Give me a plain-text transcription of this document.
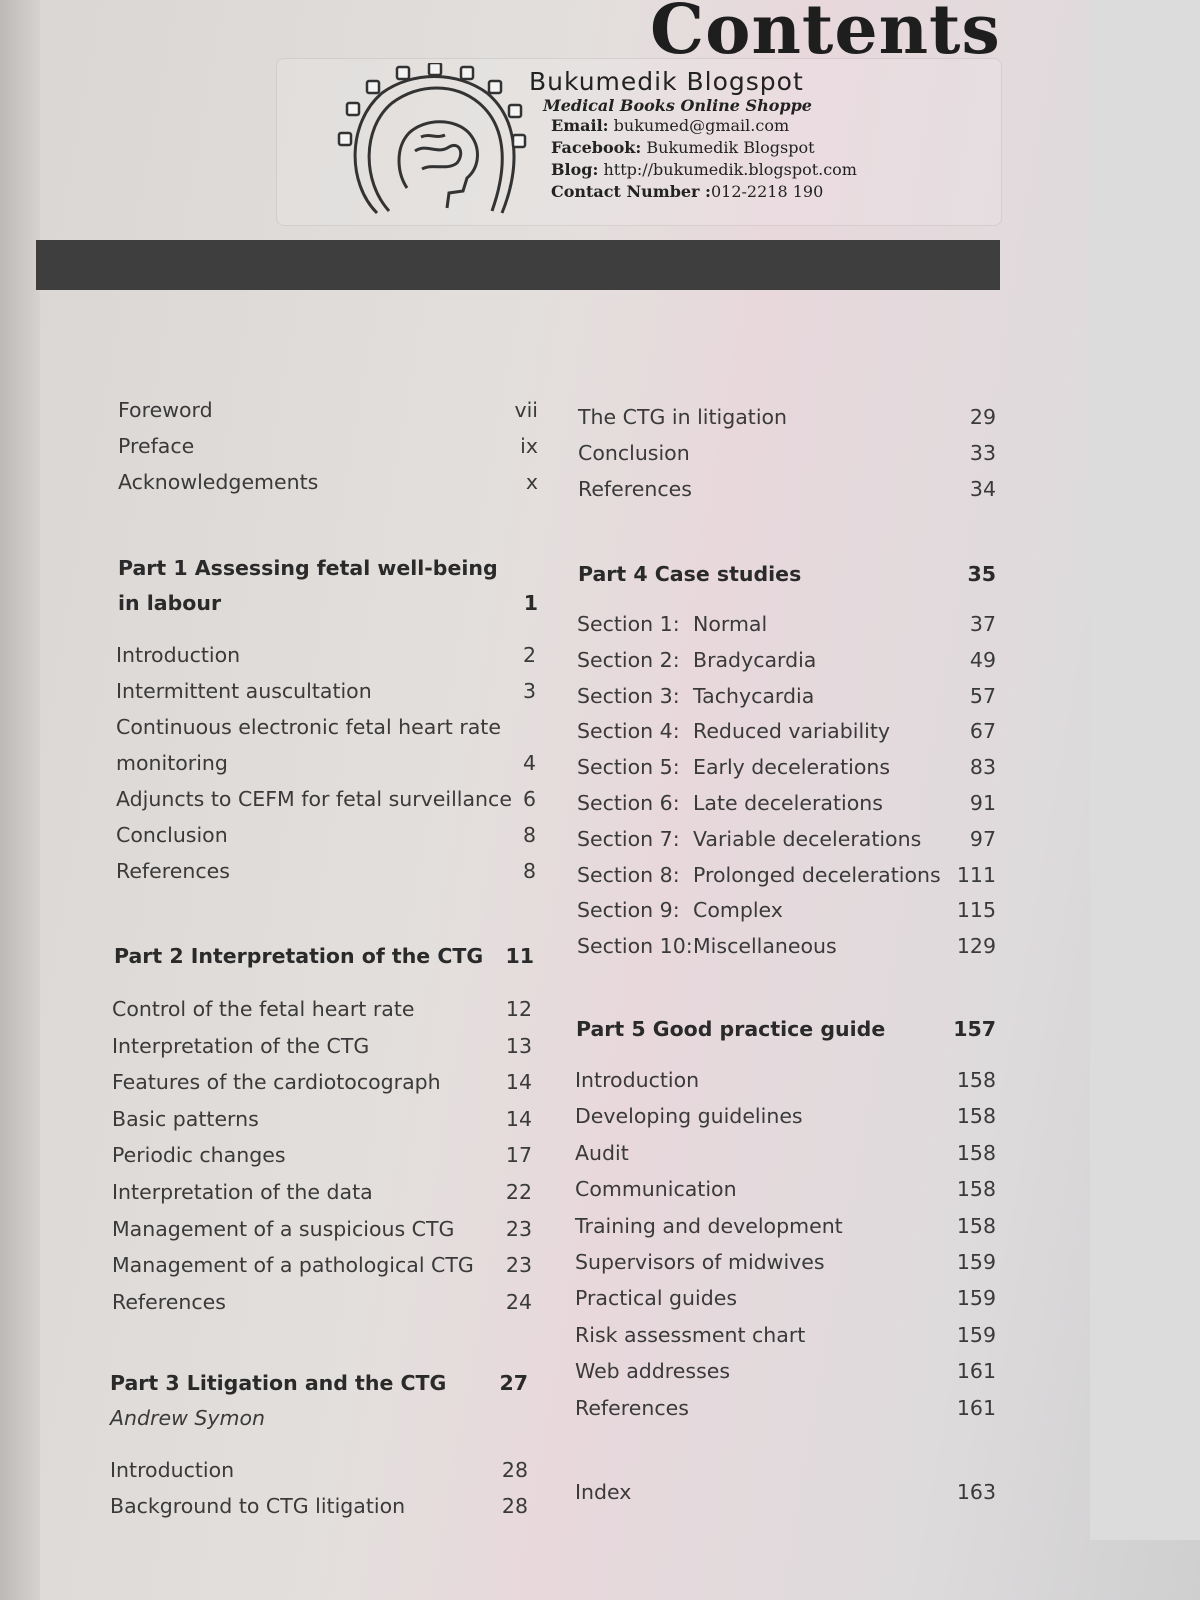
Contents
Bukumedik Blogspot
Medical Books Online Shoppe
Email: bukumed@gmail.com
Facebook: Bukumedik Blogspot
Blog: http://bukumedik.blogspot.com
Contact Number :012-2218 190
Foreword	vii
Preface	ix
Acknowledgements	x
Part 1 Assessing fetal well-being
in labour	1
Introduction	2
Intermittent auscultation	3
Continuous electronic fetal heart rate
monitoring	4
Adjuncts to CEFM for fetal surveillance 6
Conclusion	8
References	8
Part 2 Interpretation of the CTG 11
Control of the fetal heart rate	12
Interpretation of the CTG	13
Features of the cardiotocograph	14
Basic patterns	14
Periodic changes	17
Interpretation of the data	22
Management of a suspicious CTG	23
Management of a pathological CTG 23
References	24
Part 3 Litigation and the CTG	27
Andrew Symon
Introduction	28
Background to CTG litigation	28
The CTG in litigation	29
Conclusion	33
References	34
Part 4 Case studies	35
Section 1: Normal	37
Section 2: Bradycardia	49
Section 3: Tachycardia	57
Section 4: Reduced variability	67
Section 5: Early decelerations	83
Section 6: Late decelerations	91
Section 7: Variable decelerations 97
Section 8: Prolonged decelerations 111
Section 9: Complex	115
Section 10: Miscellaneous	129
Part 5 Good practice guide	157
Introduction	158
Developing guidelines	158
Audit	158
Communication	158
Training and development	158
Supervisors of midwives	159
Practical guides	159
Risk assessment chart	159
Web addresses	161
References	161
Index	163
